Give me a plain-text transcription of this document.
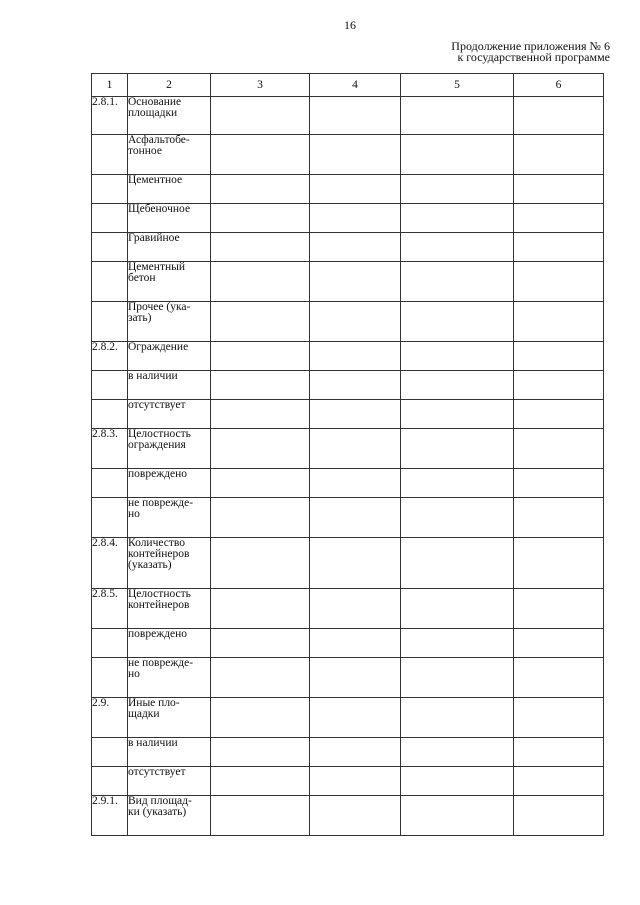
16
Продолжение приложения № 6
к государственной программе
1	2	3	4	5	6
2.8.1.	Основание
площадки				

	Асфальтобе-
тонное				

	Цементное				

	Щебеночное				

	Гравийное				

	Цементный
бетон				

	Прочее (ука-
зать)				

2.8.2.	Ограждение				

	в наличии				

	отсутствует				

2.8.3.	Целостность
ограждения				

	повреждено				

	не поврежде-
но				

2.8.4.	Количество
контейнеров
(указать)				

2.8.5.	Целостность
контейнеров				

	повреждено				

	не поврежде-
но				

2.9.	Иные пло-
щадки				

	в наличии				

	отсутствует				

2.9.1.	Вид площад-
ки (указать)				
